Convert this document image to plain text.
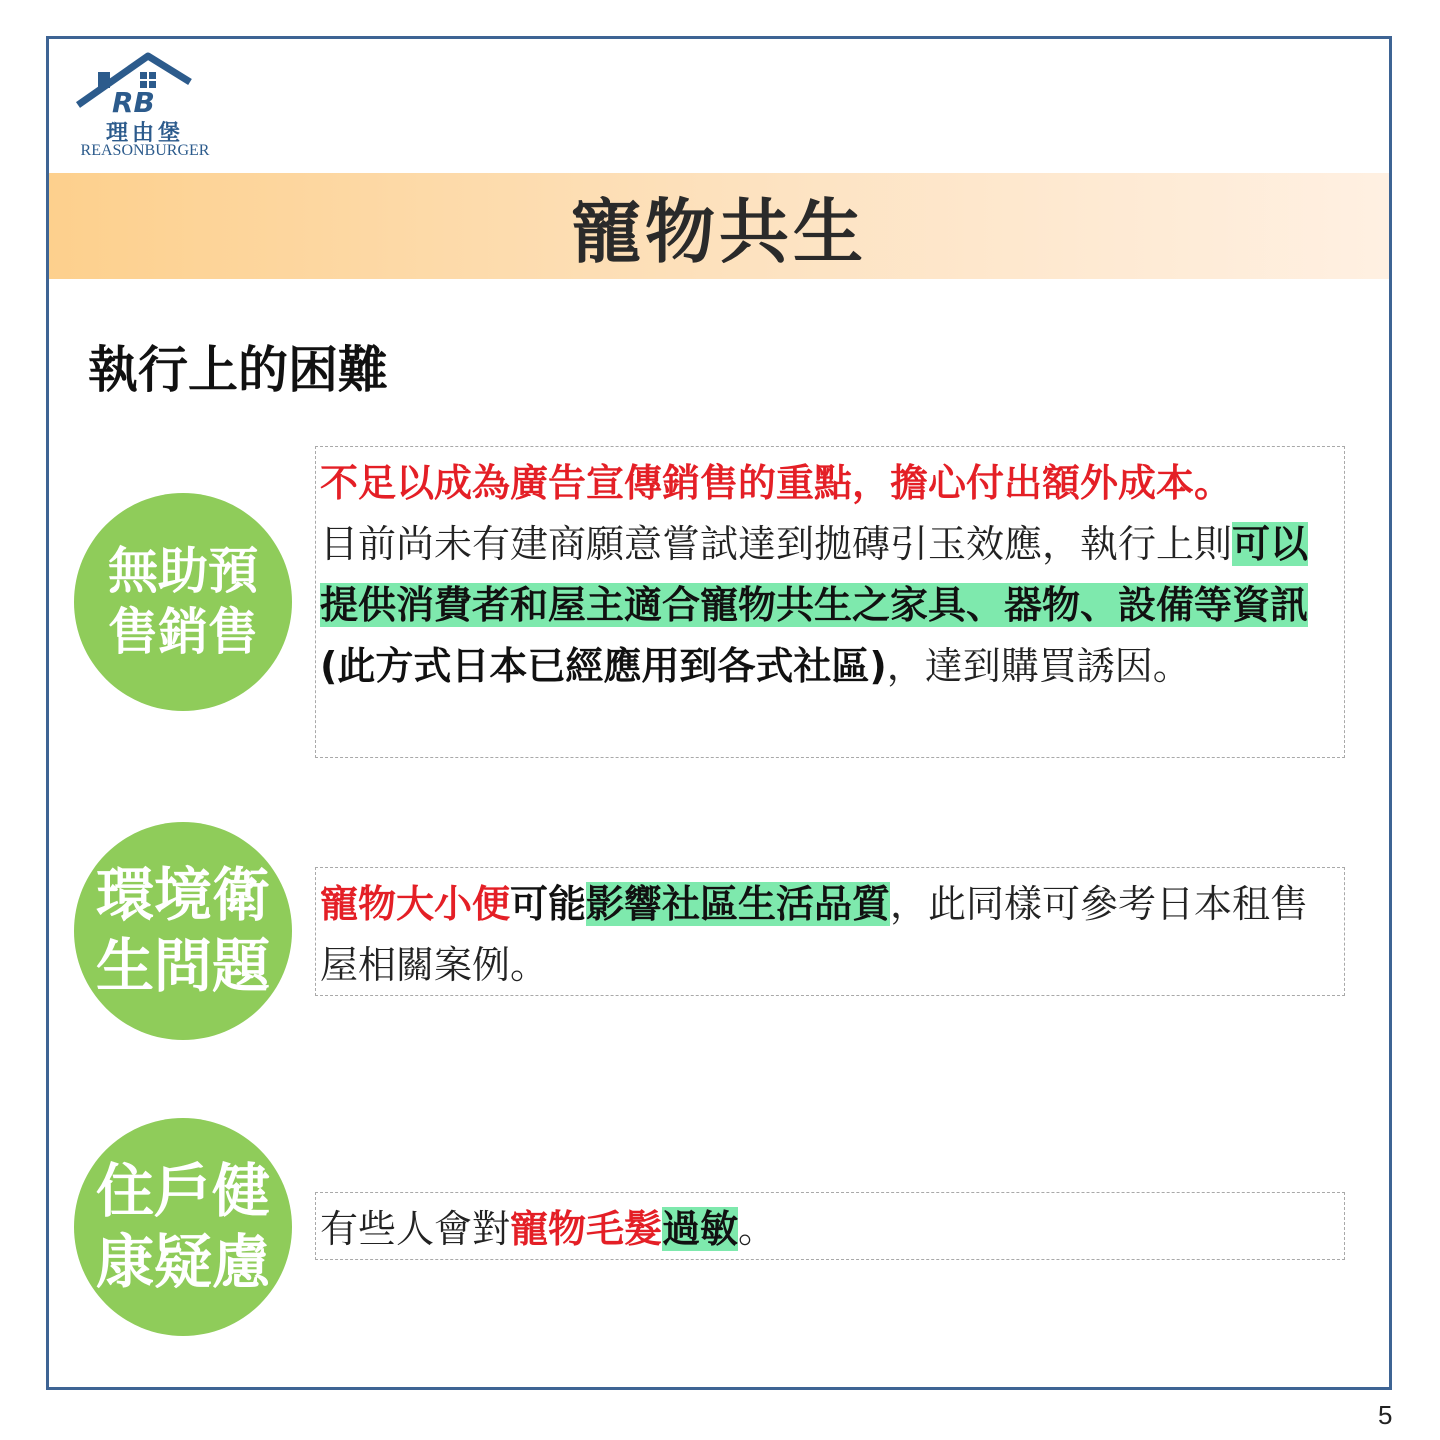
RB
理由堡
REASONBURGER
寵物共生
執行上的困難
無助預售銷售
不足以成為廣告宣傳銷售的重點，擔心付出額外成本。
目前尚未有建商願意嘗試達到拋磚引玉效應，執行上則可以提供消費者和屋主適合寵物共生之家具、器物、設備等資訊(此方式日本已經應用到各式社區)，達到購買誘因。
環境衛生問題
寵物大小便可能影響社區生活品質，此同樣可參考日本租售屋相關案例。
住戶健康疑慮 有些人會對寵物毛髮過敏。
5
